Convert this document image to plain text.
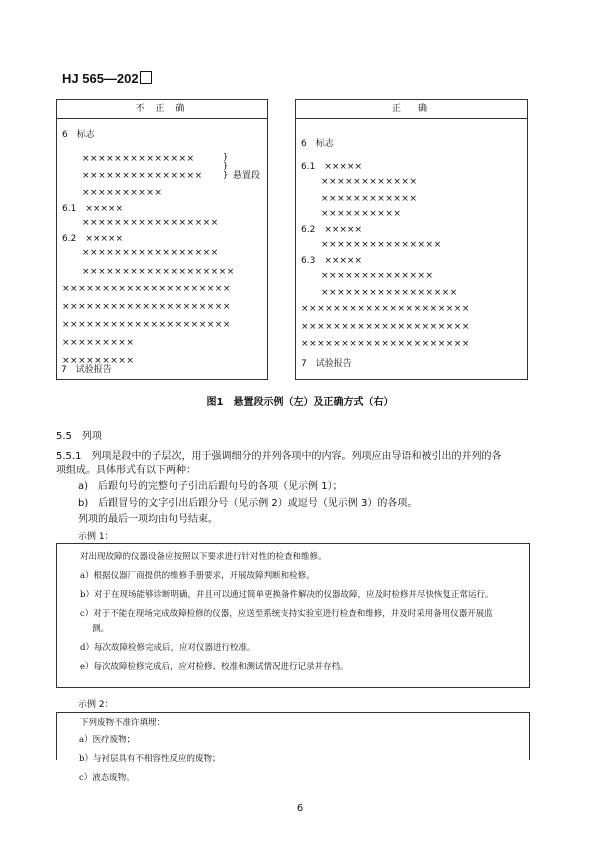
HJ 565—202
不 正 确
6　标志
××××××××××××××
×××××××××××××××
××××××××××
}
}
} 悬置段
6.1　×××××
×××××××××××××××××
6.2　×××××
×××××××××××××××××
×××××××××××××××××××
×××××××××××××××××××××
×××××××××××××××××××××
×××××××××××××××××××××
×××××××××
×××××××××
7　试验报告
正　确
6　标志
6.1　×××××
××××××××××××
××××××××××××
××××××××××
6.2　×××××
×××××××××××××××
6.3　×××××
××××××××××××××
×××××××××××××××××
×××××××××××××××××××××
×××××××××××××××××××××
×××××××××××××××××××××
7　试验报告
图1　悬置段示例（左）及正确方式（右）
5.5　列项
5.5.1　列项是段中的子层次，用于强调细分的并列各项中的内容。列项应由导语和被引出的并列的各
项组成。具体形式有以下两种：
a)　后跟句号的完整句子引出后跟句号的各项（见示例 1）；
b)　后跟冒号的文字引出后跟分号（见示例 2）或逗号（见示例 3）的各项。
列项的最后一项均由句号结束。
示例 1：
对出现故障的仪器设备应按照以下要求进行针对性的检查和维修。
a）根据仪器厂商提供的维修手册要求，开展故障判断和检修。
b）对于在现场能够诊断明确，并且可以通过简单更换备件解决的仪器故障，应及时检修并尽快恢复正常运行。
c）对于不能在现场完成故障检修的仪器，应送至系统支持实验室进行检查和维修，并及时采用备用仪器开展监
测。
d）每次故障检修完成后，应对仪器进行校准。
e）每次故障检修完成后，应对检修、校准和测试情况进行记录并存档。
示例 2：
下列废物不准许填埋：
a）医疗废物；
b）与衬层具有不相容性反应的废物；
c）液态废物。
6
